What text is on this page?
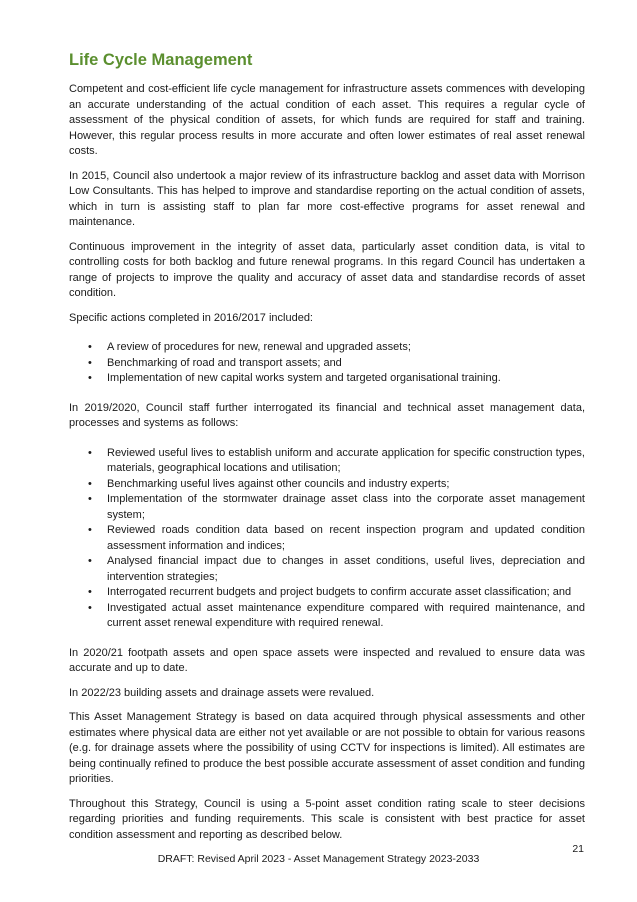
Life Cycle Management

Competent and cost-efficient life cycle management for infrastructure assets commences with developing an accurate understanding of the actual condition of each asset. This requires a regular cycle of assessment of the physical condition of assets, for which funds are required for staff and training. However, this regular process results in more accurate and often lower estimates of real asset renewal costs.

In 2015, Council also undertook a major review of its infrastructure backlog and asset data with Morrison Low Consultants. This has helped to improve and standardise reporting on the actual condition of assets, which in turn is assisting staff to plan far more cost-effective programs for asset renewal and maintenance.

Continuous improvement in the integrity of asset data, particularly asset condition data, is vital to controlling costs for both backlog and future renewal programs. In this regard Council has undertaken a range of projects to improve the quality and accuracy of asset data and standardise records of asset condition.

Specific actions completed in 2016/2017 included:

• A review of procedures for new, renewal and upgraded assets;
• Benchmarking of road and transport assets; and
• Implementation of new capital works system and targeted organisational training.

In 2019/2020, Council staff further interrogated its financial and technical asset management data, processes and systems as follows:

• Reviewed useful lives to establish uniform and accurate application for specific construction types, materials, geographical locations and utilisation;
• Benchmarking useful lives against other councils and industry experts;
• Implementation of the stormwater drainage asset class into the corporate asset management system;
• Reviewed roads condition data based on recent inspection program and updated condition assessment information and indices;
• Analysed financial impact due to changes in asset conditions, useful lives, depreciation and intervention strategies;
• Interrogated recurrent budgets and project budgets to confirm accurate asset classification; and
• Investigated actual asset maintenance expenditure compared with required maintenance, and current asset renewal expenditure with required renewal.

In 2020/21 footpath assets and open space assets were inspected and revalued to ensure data was accurate and up to date.

In 2022/23 building assets and drainage assets were revalued.

This Asset Management Strategy is based on data acquired through physical assessments and other estimates where physical data are either not yet available or are not possible to obtain for various reasons (e.g. for drainage assets where the possibility of using CCTV for inspections is limited). All estimates are being continually refined to produce the best possible accurate assessment of asset condition and funding priorities.

Throughout this Strategy, Council is using a 5-point asset condition rating scale to steer decisions regarding priorities and funding requirements. This scale is consistent with best practice for asset condition assessment and reporting as described below.

21
DRAFT: Revised April 2023 - Asset Management Strategy 2023-2033
